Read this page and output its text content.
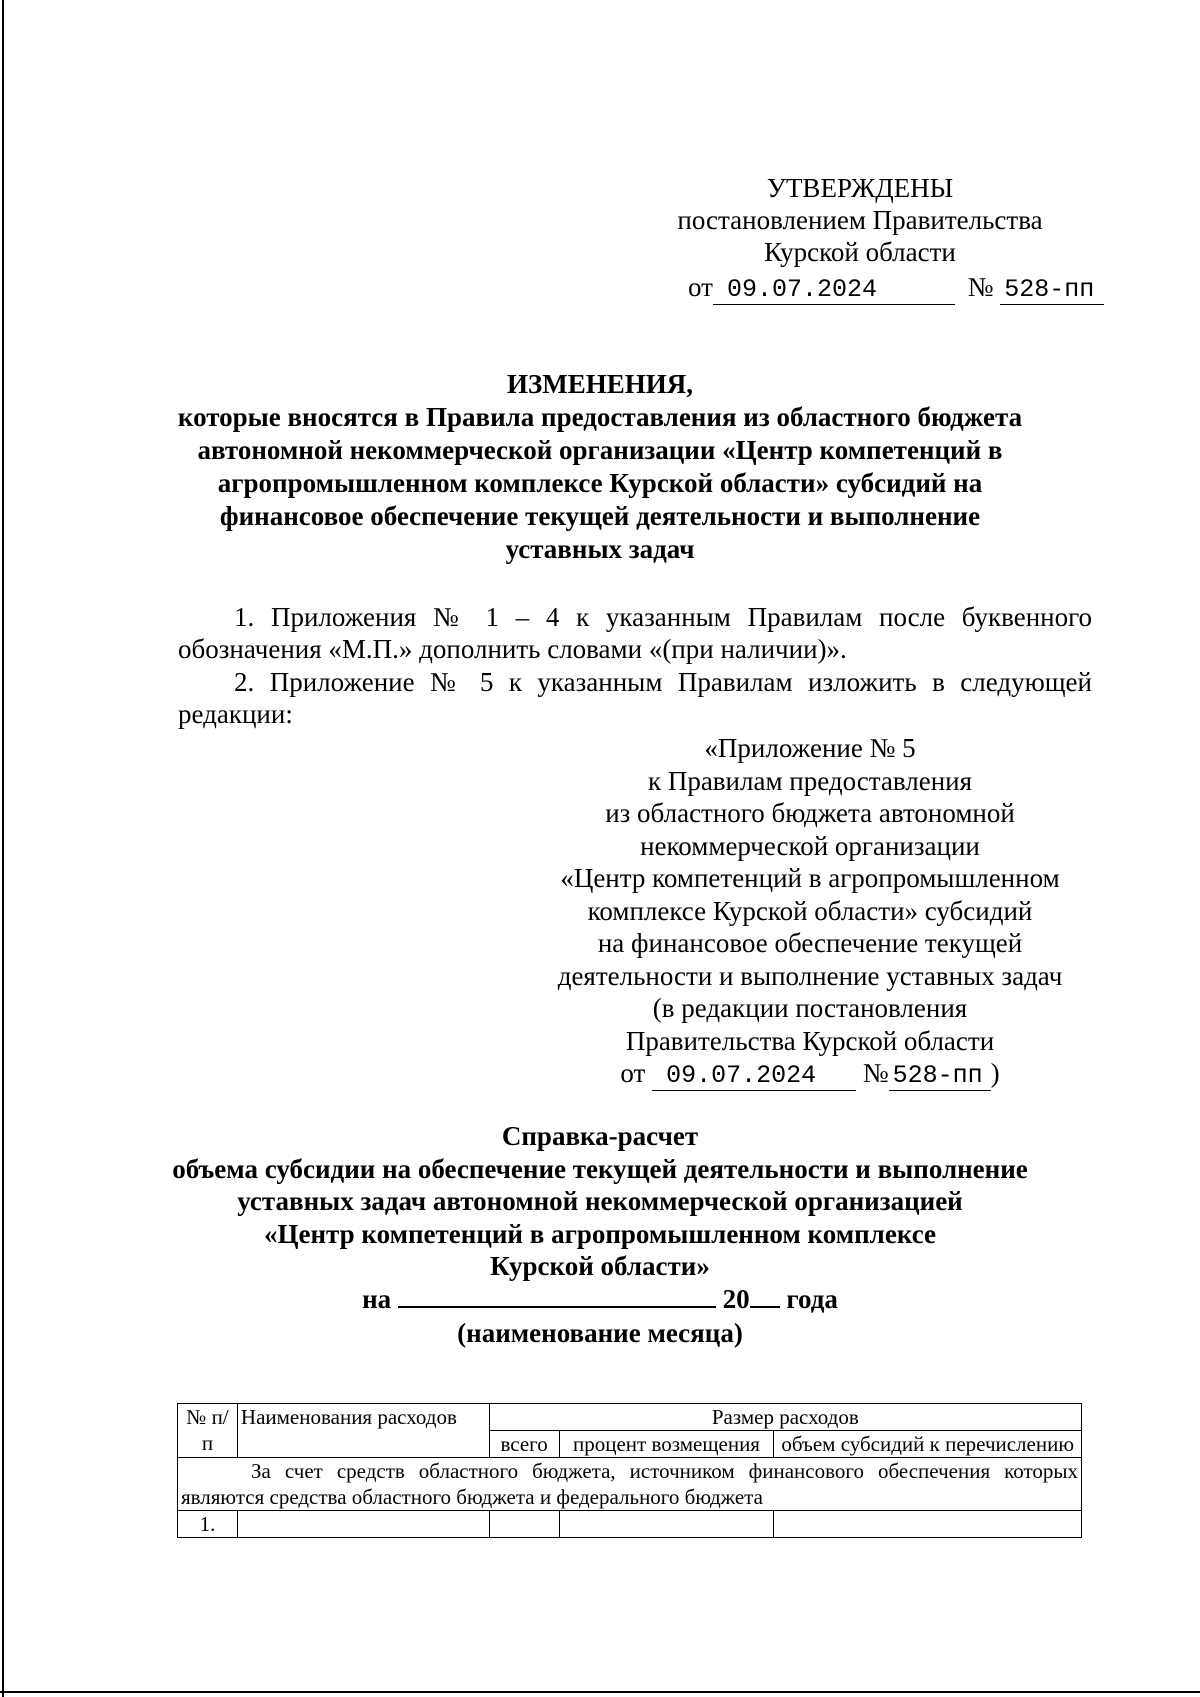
УТВЕРЖДЕНЫ
постановлением Правительства
Курской области
от 09.07.2024	№ 528-пп
ИЗМЕНЕНИЯ,
которые вносятся в Правила предоставления из областного бюджета
автономной некоммерческой организации «Центр компетенций в
агропромышленном комплексе Курской области» субсидий на
финансовое обеспечение текущей деятельности и выполнение
уставных задач
1. Приложения № 1 – 4 к указанным Правилам после буквенного обозначения «М.П.» дополнить словами «(при наличии)».
2. Приложение № 5 к указанным Правилам изложить в следующей редакции:
«Приложение № 5
к Правилам предоставления
из областного бюджета автономной
некоммерческой организации
«Центр компетенций в агропромышленном
комплексе Курской области» субсидий
на финансовое обеспечение текущей
деятельности и выполнение уставных задач
(в редакции постановления
Правительства Курской области
от 09.07.2024 № 528-пп )
Справка-расчет
объема субсидии на обеспечение текущей деятельности и выполнение
уставных задач автономной некоммерческой организацией
«Центр компетенций в агропромышленном комплексе
Курской области»
на	20 года
(наименование месяца)
№ п/п	Наименования расходов	Размер расходов		
		всего	процент возмещения	объем субсидий к перечислению
За счет средств областного бюджета, источником финансового обеспечения которых являются средства областного бюджета и федерального бюджета				
1.				
